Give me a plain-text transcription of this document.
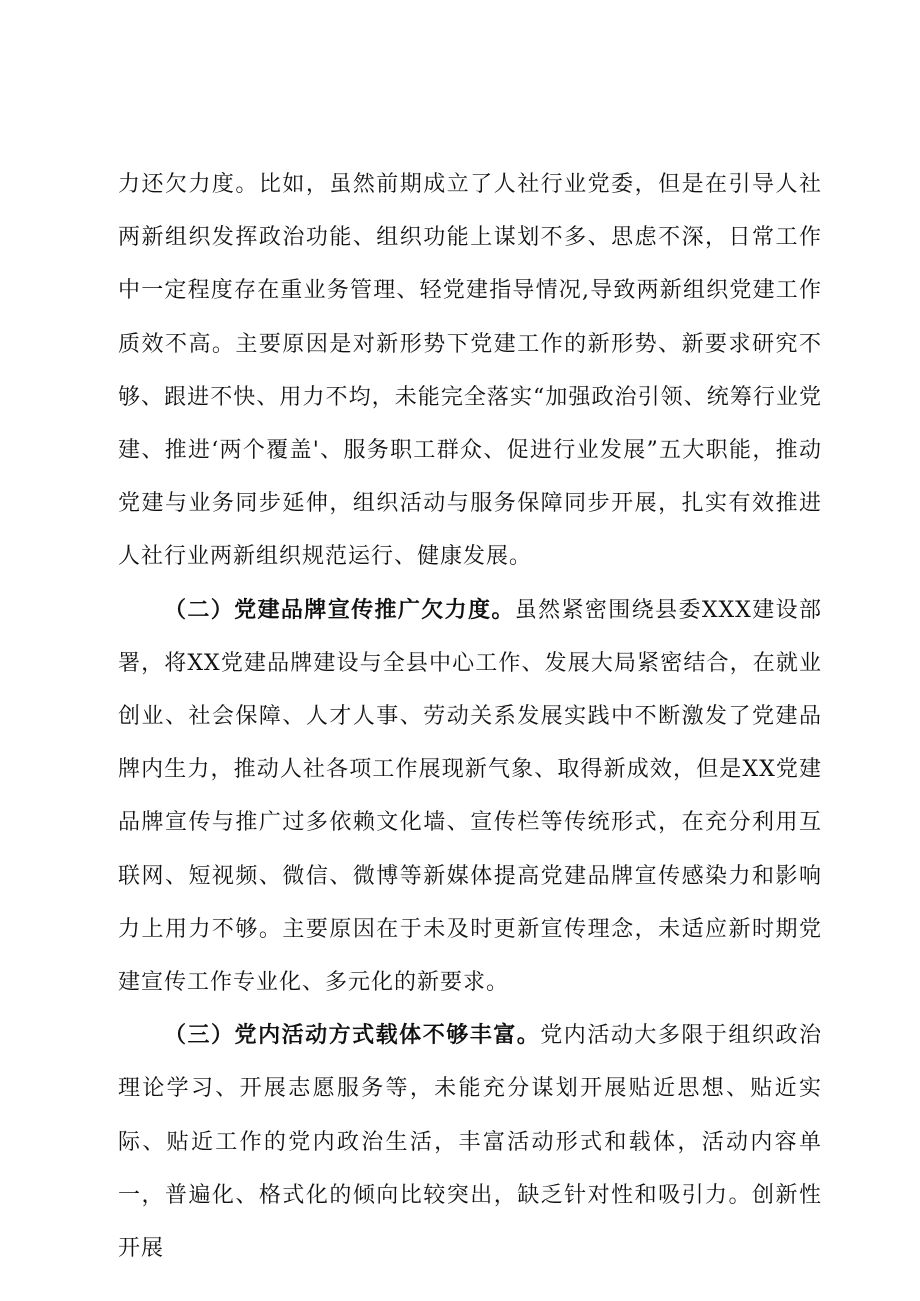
力还欠力度。比如，虽然前期成立了人社行业党委，但是在引导人社两新组织发挥政治功能、组织功能上谋划不多、思虑不深，日常工作中一定程度存在重业务管理、轻党建指导情况,导致两新组织党建工作质效不高。主要原因是对新形势下党建工作的新形势、新要求研究不够、跟进不快、用力不均，未能完全落实“加强政治引领、统筹行业党建、推进‘两个覆盖'、服务职工群众、促进行业发展”五大职能，推动党建与业务同步延伸，组织活动与服务保障同步开展，扎实有效推进人社行业两新组织规范运行、健康发展。

（二）党建品牌宣传推广欠力度。虽然紧密围绕县委XXX建设部署，将XX党建品牌建设与全县中心工作、发展大局紧密结合，在就业创业、社会保障、人才人事、劳动关系发展实践中不断激发了党建品牌内生力，推动人社各项工作展现新气象、取得新成效，但是XX党建品牌宣传与推广过多依赖文化墙、宣传栏等传统形式，在充分利用互联网、短视频、微信、微博等新媒体提高党建品牌宣传感染力和影响力上用力不够。主要原因在于未及时更新宣传理念，未适应新时期党建宣传工作专业化、多元化的新要求。

（三）党内活动方式载体不够丰富。党内活动大多限于组织政治理论学习、开展志愿服务等，未能充分谋划开展贴近思想、贴近实际、贴近工作的党内政治生活，丰富活动形式和载体，活动内容单一，普遍化、格式化的倾向比较突出，缺乏针对性和吸引力。创新性开展
